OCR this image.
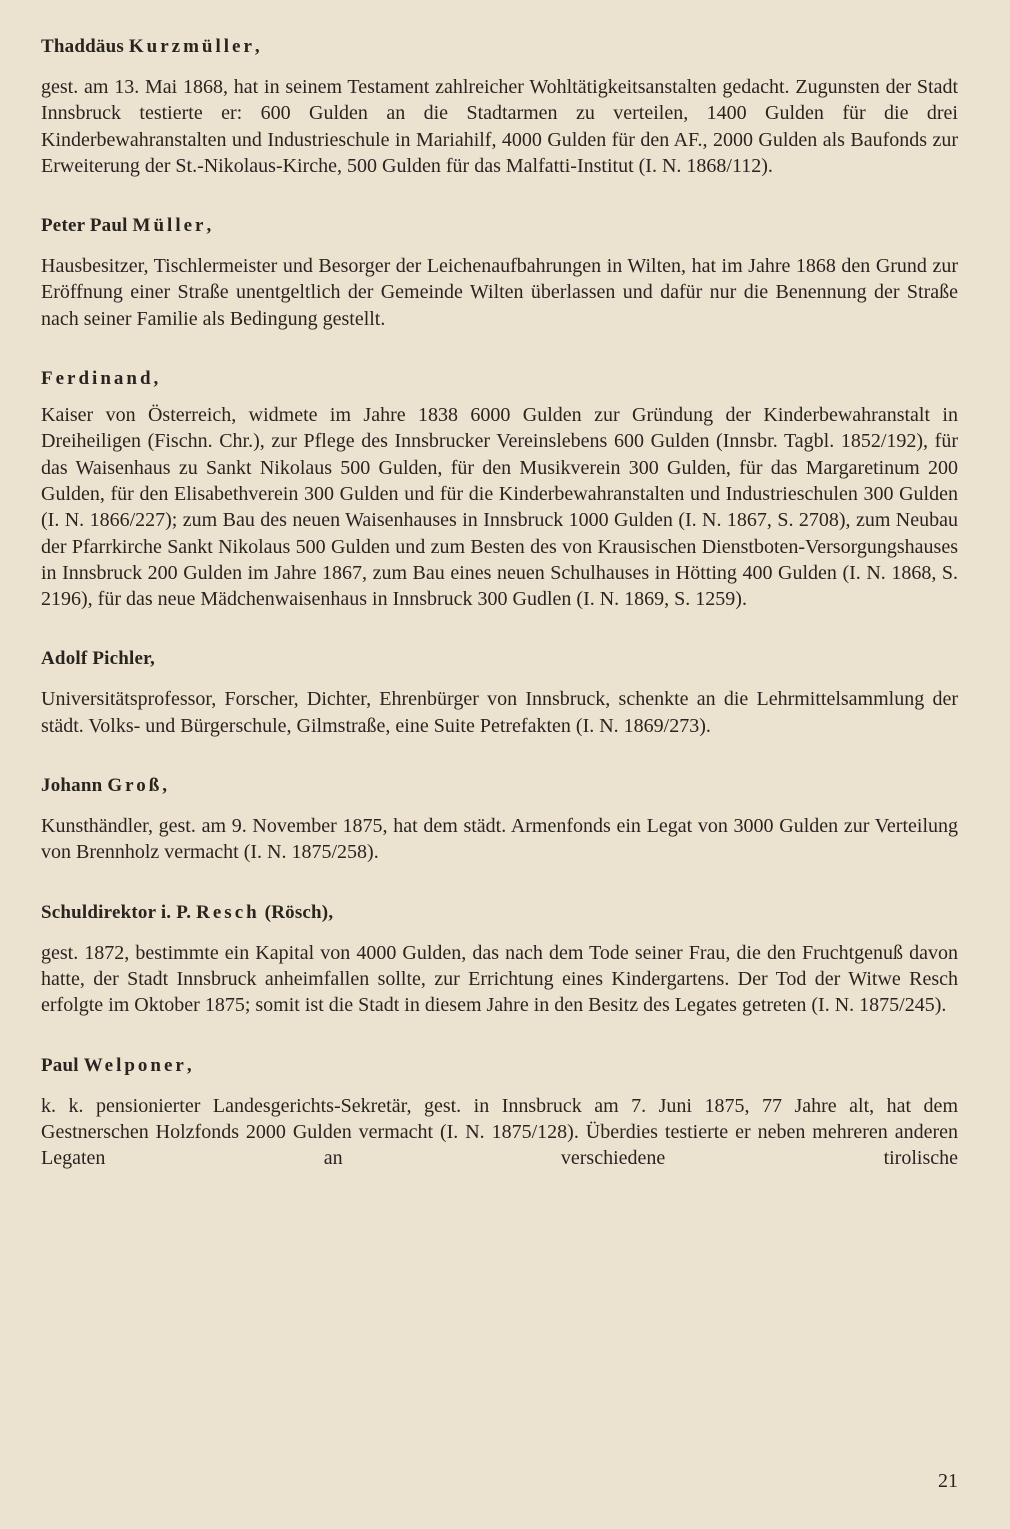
Thaddäus Kurzmüller,

gest. am 13. Mai 1868, hat in seinem Testament zahlreicher Wohltätigkeitsanstalten gedacht. Zugunsten der Stadt Innsbruck testierte er: 600 Gulden an die Stadtarmen zu verteilen, 1400 Gulden für die drei Kinderbewahranstalten und Industrieschule in Mariahilf, 4000 Gulden für den AF., 2000 Gulden als Baufonds zur Erweiterung der St.-Nikolaus-Kirche, 500 Gulden für das Malfatti-Institut (I. N. 1868/112).

Peter Paul Müller,

Hausbesitzer, Tischlermeister und Besorger der Leichenaufbahrungen in Wilten, hat im Jahre 1868 den Grund zur Eröffnung einer Straße unentgeltlich der Gemeinde Wilten überlassen und dafür nur die Benennung der Straße nach seiner Familie als Bedingung gestellt.

Ferdinand,

Kaiser von Österreich, widmete im Jahre 1838 6000 Gulden zur Gründung der Kinderbewahranstalt in Dreiheiligen (Fischn. Chr.), zur Pflege des Innsbrucker Vereinslebens 600 Gulden (Innsbr. Tagbl. 1852/192), für das Waisenhaus zu Sankt Nikolaus 500 Gulden, für den Musikverein 300 Gulden, für das Margaretinum 200 Gulden, für den Elisabethverein 300 Gulden und für die Kinderbewahranstalten und Industrieschulen 300 Gulden (I. N. 1866/227); zum Bau des neuen Waisenhauses in Innsbruck 1000 Gulden (I. N. 1867, S. 2708), zum Neubau der Pfarrkirche Sankt Nikolaus 500 Gulden und zum Besten des von Krausischen Dienstboten-Versorgungshauses in Innsbruck 200 Gulden im Jahre 1867, zum Bau eines neuen Schulhauses in Hötting 400 Gulden (I. N. 1868, S. 2196), für das neue Mädchenwaisenhaus in Innsbruck 300 Gudlen (I. N. 1869, S. 1259).

Adolf Pichler,

Universitätsprofessor, Forscher, Dichter, Ehrenbürger von Innsbruck, schenkte an die Lehrmittelsammlung der städt. Volks- und Bürgerschule, Gilmstraße, eine Suite Petrefakten (I. N. 1869/273).

Johann Groß,

Kunsthändler, gest. am 9. November 1875, hat dem städt. Armenfonds ein Legat von 3000 Gulden zur Verteilung von Brennholz vermacht (I. N. 1875/258).

Schuldirektor i. P. Resch (Rösch),

gest. 1872, bestimmte ein Kapital von 4000 Gulden, das nach dem Tode seiner Frau, die den Fruchtgenuß davon hatte, der Stadt Innsbruck anheimfallen sollte, zur Errichtung eines Kindergartens. Der Tod der Witwe Resch erfolgte im Oktober 1875; somit ist die Stadt in diesem Jahre in den Besitz des Legates getreten (I. N. 1875/245).

Paul Welponer,

k. k. pensionierter Landesgerichts-Sekretär, gest. in Innsbruck am 7. Juni 1875, 77 Jahre alt, hat dem Gestnerschen Holzfonds 2000 Gulden vermacht (I. N. 1875/128). Überdies testierte er neben mehreren anderen Legaten an verschiedene tirolische

21
